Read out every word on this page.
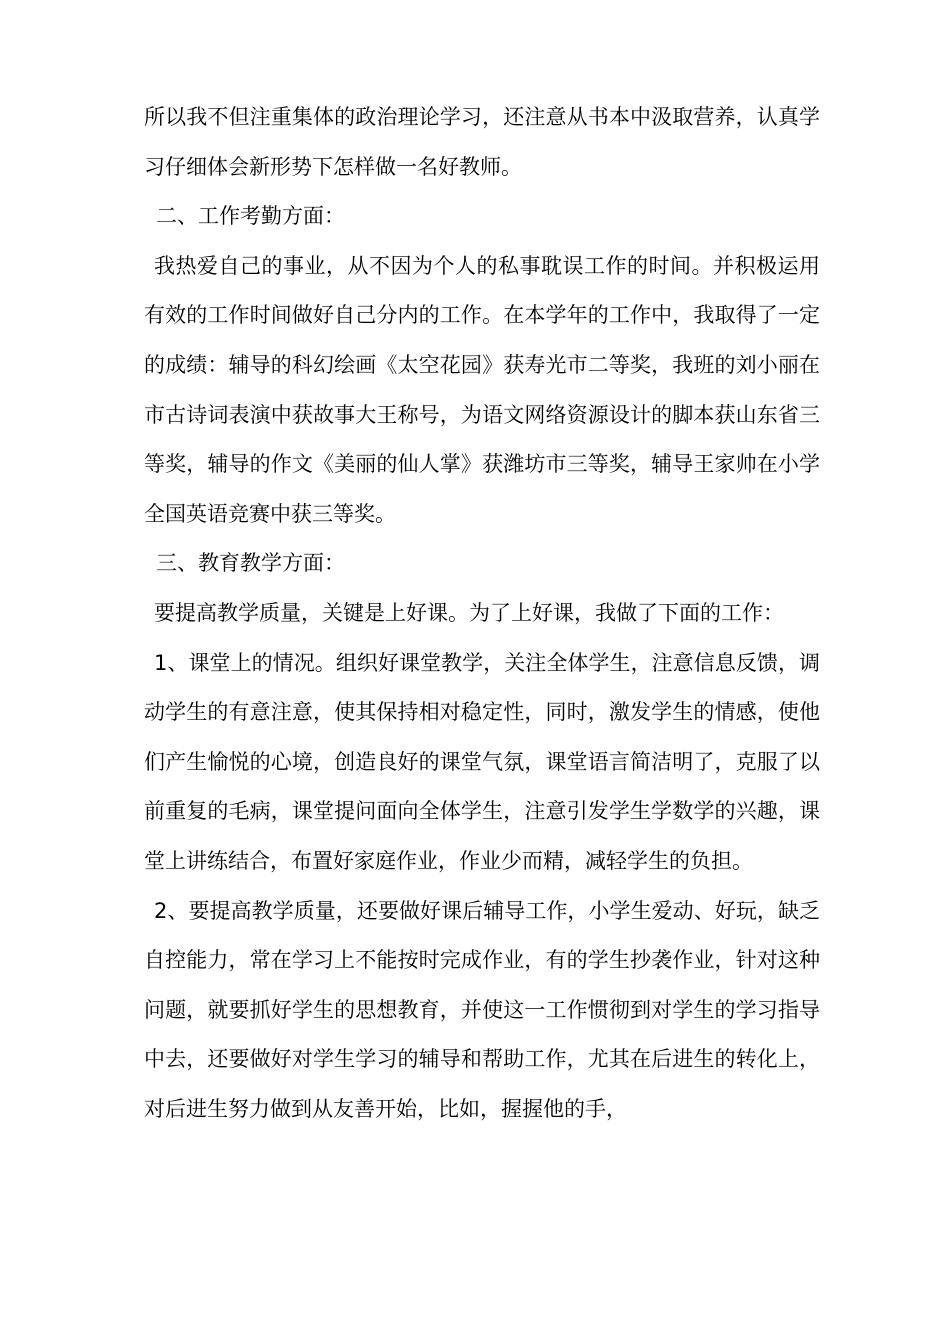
所以我不但注重集体的政治理论学习，还注意从书本中汲取营养，认真学习仔细体会新形势下怎样做一名好教师。

二、工作考勤方面：

我热爱自己的事业，从不因为个人的私事耽误工作的时间。并积极运用有效的工作时间做好自己分内的工作。在本学年的工作中，我取得了一定的成绩：辅导的科幻绘画《太空花园》获寿光市二等奖，我班的刘小丽在市古诗词表演中获故事大王称号，为语文网络资源设计的脚本获山东省三等奖，辅导的作文《美丽的仙人掌》获潍坊市三等奖，辅导王家帅在小学全国英语竞赛中获三等奖。

三、教育教学方面：

要提高教学质量，关键是上好课。为了上好课，我做了下面的工作：

1、课堂上的情况。组织好课堂教学，关注全体学生，注意信息反馈，调动学生的有意注意，使其保持相对稳定性，同时，激发学生的情感，使他们产生愉悦的心境，创造良好的课堂气氛，课堂语言简洁明了，克服了以前重复的毛病，课堂提问面向全体学生，注意引发学生学数学的兴趣，课堂上讲练结合，布置好家庭作业，作业少而精，减轻学生的负担。

2、要提高教学质量，还要做好课后辅导工作，小学生爱动、好玩，缺乏自控能力，常在学习上不能按时完成作业，有的学生抄袭作业，针对这种问题，就要抓好学生的思想教育，并使这一工作惯彻到对学生的学习指导中去，还要做好对学生学习的辅导和帮助工作，尤其在后进生的转化上，对后进生努力做到从友善开始，比如，握握他的手，
